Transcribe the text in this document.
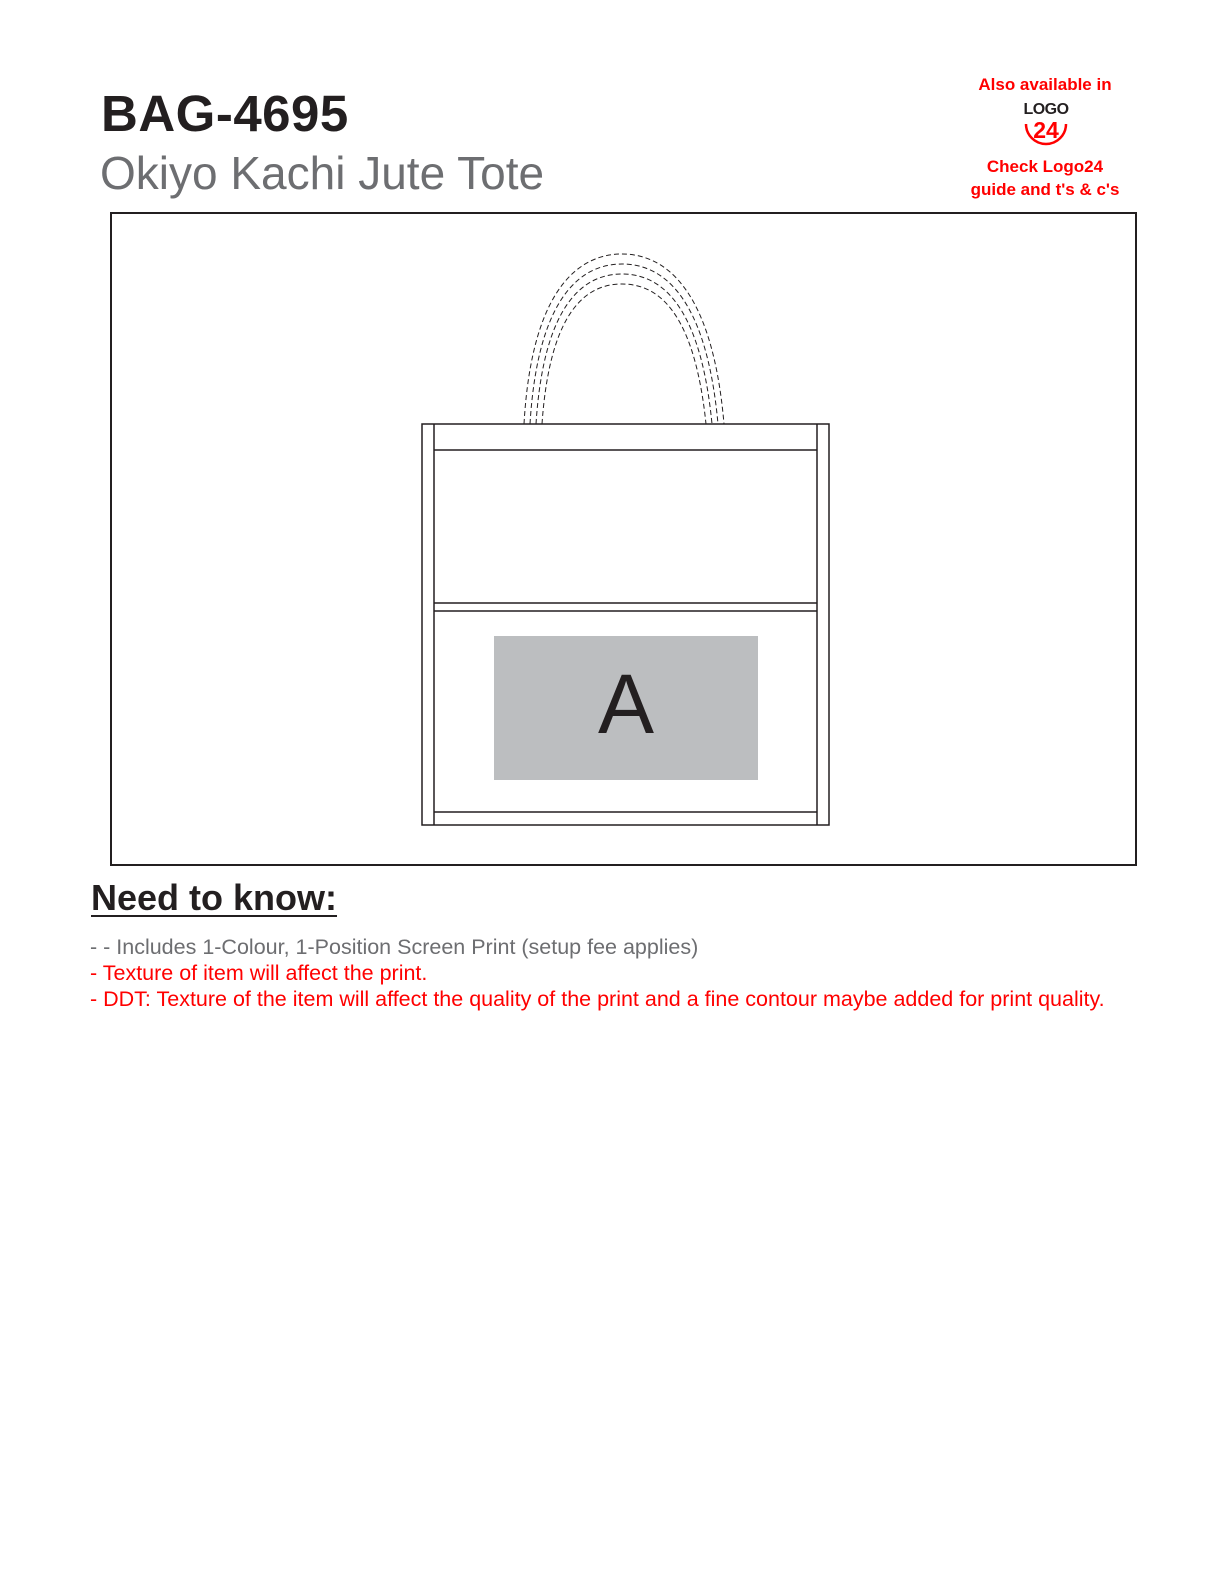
BAG-4695
Okiyo Kachi Jute Tote
Also available in
LOGO
24
Check Logo24
guide and t's & c's
A
Need to know:

- - Includes 1-Colour, 1-Position Screen Print (setup fee applies)

- Texture of item will affect the print.

- DDT: Texture of the item will affect the quality of the print and a fine contour maybe added for print quality.
